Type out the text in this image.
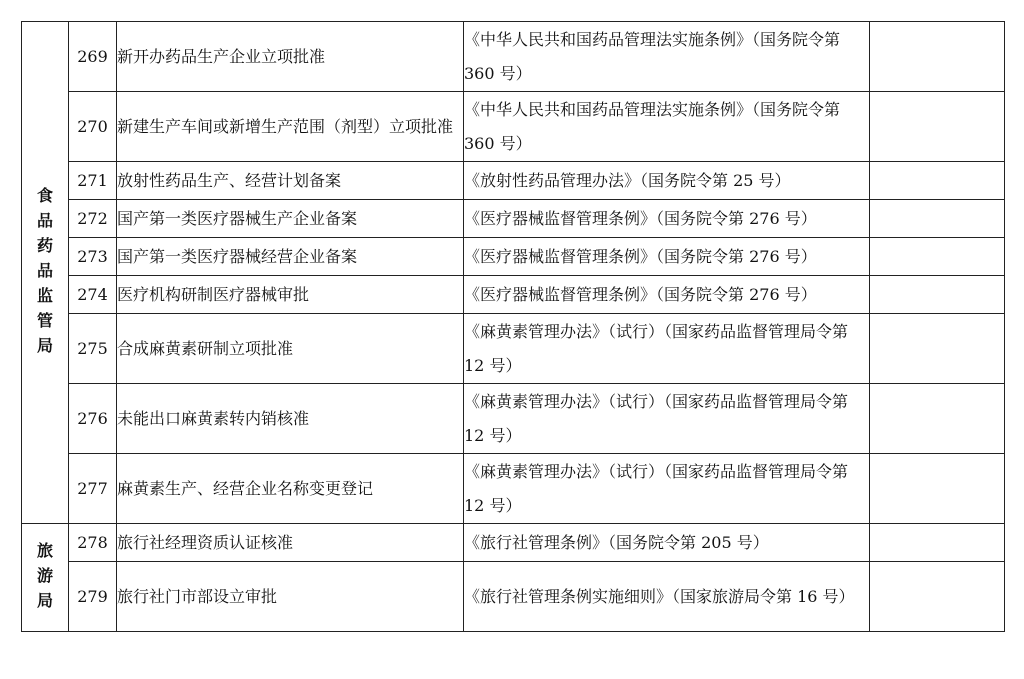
食品药品监管局	269	新开办药品生产企业立项批准	《中华人民共和国药品管理法实施条例》（国务院令第 360 号）	
	270	新建生产车间或新增生产范围（剂型）立项批准	《中华人民共和国药品管理法实施条例》（国务院令第 360 号）	
	271	放射性药品生产、经营计划备案	《放射性药品管理办法》（国务院令第 25 号）	
	272	国产第一类医疗器械生产企业备案	《医疗器械监督管理条例》（国务院令第 276 号）	
	273	国产第一类医疗器械经营企业备案	《医疗器械监督管理条例》（国务院令第 276 号）	
	274	医疗机构研制医疗器械审批	《医疗器械监督管理条例》（国务院令第 276 号）	
	275	合成麻黄素研制立项批准	《麻黄素管理办法》（试行）（国家药品监督管理局令第 12 号）	
	276	未能出口麻黄素转内销核准	《麻黄素管理办法》（试行）（国家药品监督管理局令第 12 号）	
	277	麻黄素生产、经营企业名称变更登记	《麻黄素管理办法》（试行）（国家药品监督管理局令第 12 号）	
旅游局	278	旅行社经理资质认证核准	《旅行社管理条例》（国务院令第 205 号）	
	279	旅行社门市部设立审批	《旅行社管理条例实施细则》（国家旅游局令第 16 号）	
